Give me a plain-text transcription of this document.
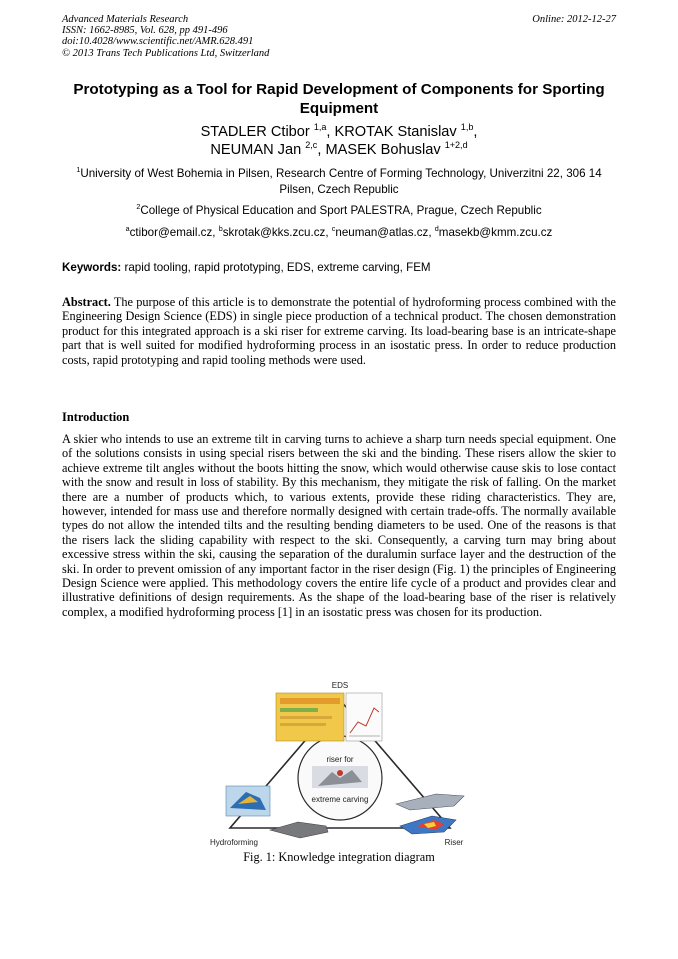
Advanced Materials Research
ISSN: 1662-8985, Vol. 628, pp 491-496
doi:10.4028/www.scientific.net/AMR.628.491
© 2013 Trans Tech Publications Ltd, Switzerland
Online: 2012-12-27
Prototyping as a Tool for Rapid Development of Components for Sporting Equipment
STADLER Ctibor $^{1,a}$, KROTAK Stanislav $^{1,b}$,
NEUMAN Jan $^{2,c}$, MASEK Bohuslav $^{1+2,d}$
$^1$University of West Bohemia in Pilsen, Research Centre of Forming Technology, Univerzitni 22, 306 14 Pilsen, Czech Republic
$^2$College of Physical Education and Sport PALESTRA, Prague, Czech Republic
$^a$ctibor@email.cz, $^b$skrotak@kks.zcu.cz, $^c$neuman@atlas.cz, $^d$masekb@kmm.zcu.cz
Keywords: rapid tooling, rapid prototyping, EDS, extreme carving, FEM
Abstract. The purpose of this article is to demonstrate the potential of hydroforming process combined with the Engineering Design Science (EDS) in single piece production of a technical product. The chosen demonstration product for this integrated approach is a ski riser for extreme carving. Its load-bearing base is an intricate-shape part that is well suited for modified hydroforming process in an isostatic press. In order to reduce production costs, rapid prototyping and rapid tooling methods were used.
Introduction
A skier who intends to use an extreme tilt in carving turns to achieve a sharp turn needs special equipment. One of the solutions consists in using special risers between the ski and the binding. These risers allow the skier to achieve extreme tilt angles without the boots hitting the snow, which would otherwise cause skis to lose contact with the snow and result in loss of stability. By this mechanism, they mitigate the risk of falling. On the market there are a number of products which, to various extents, provide these riding characteristics. They are, however, intended for mass use and therefore normally designed with certain trade-offs. The normally available types do not allow the intended tilts and the resulting bending diameters to be used. One of the reasons is that the risers lack the sliding capability with respect to the ski. Consequently, a carving turn may bring about excessive stress within the ski, causing the separation of the duralumin surface layer and the destruction of the ski. In order to prevent omission of any important factor in the riser design (Fig. 1) the principles of Engineering Design Science were applied. This methodology covers the entire life cycle of a product and provides clear and illustrative definitions of design requirements. As the shape of the load-bearing base of the riser is relatively complex, a modified hydroforming process [1] in an isostatic press was chosen for its production.
riser for
extreme carving
EDS
Hydroforming	Riser
Fig. 1: Knowledge integration diagram
